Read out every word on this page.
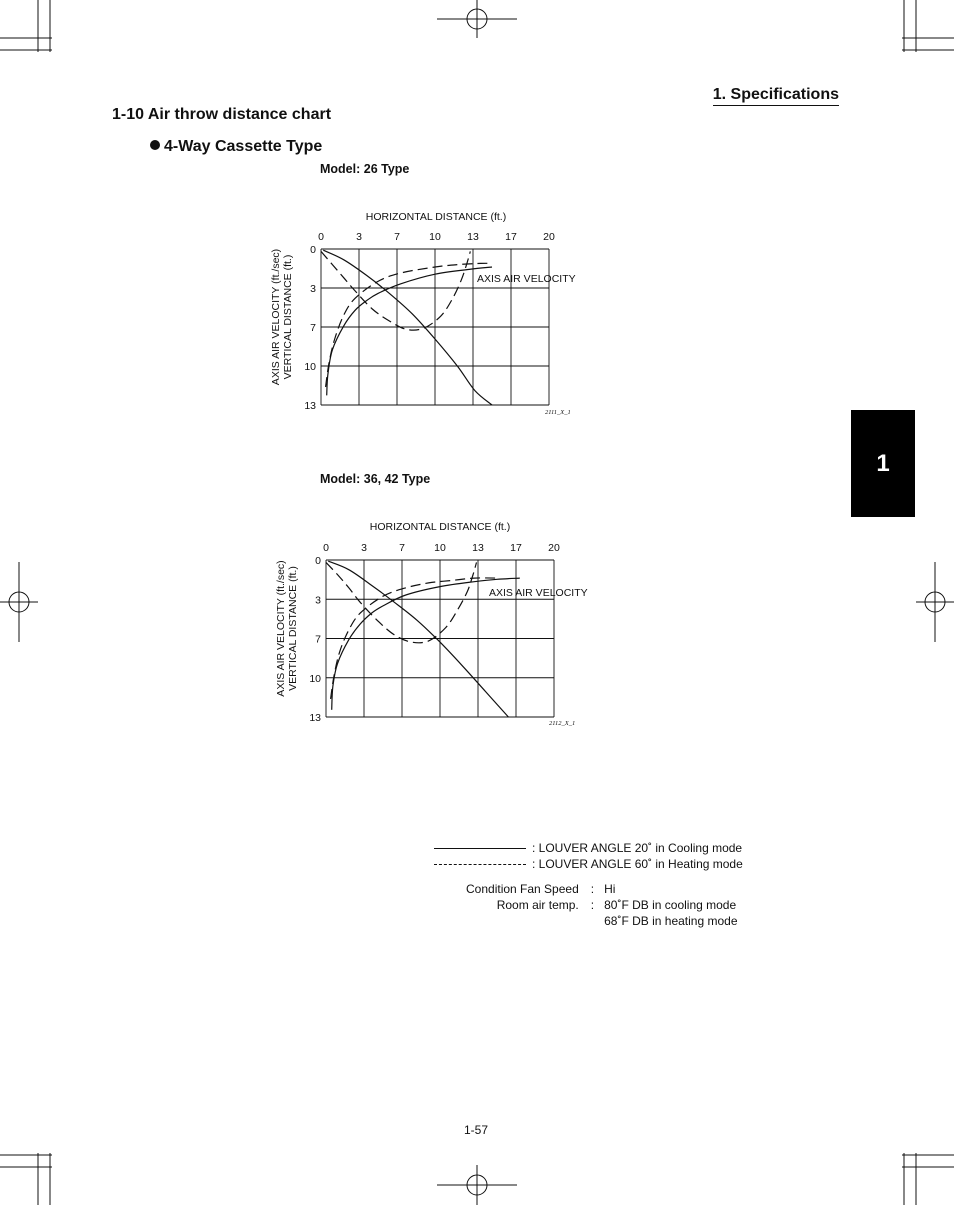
1. Specifications
1-10 Air throw distance chart
4-Way Cassette Type
Model: 26 Type
Model: 36, 42 Type
1
0	3	7	10	13	17	20
0
3
7
10
13
HORIZONTAL DISTANCE (ft.)
AXIS AIR VELOCITY (ft./sec) VERTICAL DISTANCE (ft.)	AXIS AIR VELOCITY
2111_X_1
0	3	7	10	13	17	20
0
3
7
10
13
HORIZONTAL DISTANCE (ft.)
AXIS AIR VELOCITY (ft./sec) VERTICAL DISTANCE (ft.)	AXIS AIR VELOCITY
2112_X_1
: LOUVER ANGLE 20˚ in Cooling mode
: LOUVER ANGLE 60˚ in Heating mode
Condition Fan Speed	:	Hi
Room air temp.	:	80˚F DB in cooling mode
		68˚F DB in heating mode
1-57
